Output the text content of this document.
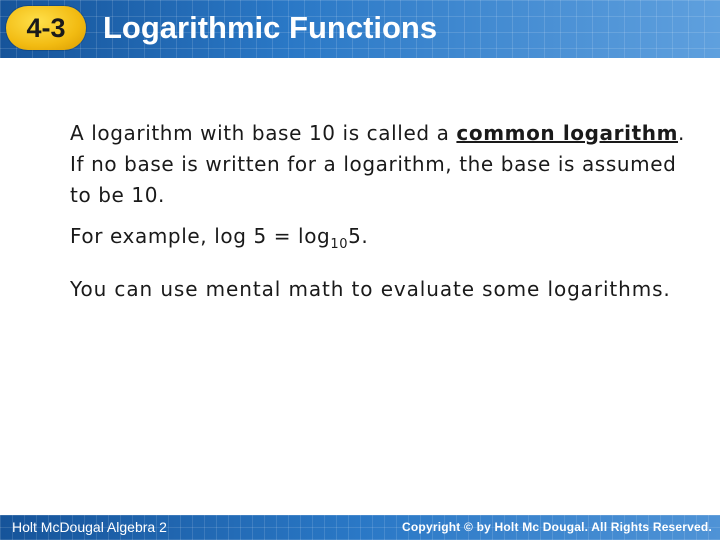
4-3	Logarithmic Functions

A logarithm with base 10 is called a common logarithm. If no base is written for a logarithm, the base is assumed to be 10.

For example, $\log 5 = \log_{10}5$.

You can use mental math to evaluate some logarithms.

Holt McDougal Algebra 2	Copyright © by Holt Mc Dougal. All Rights Reserved.
